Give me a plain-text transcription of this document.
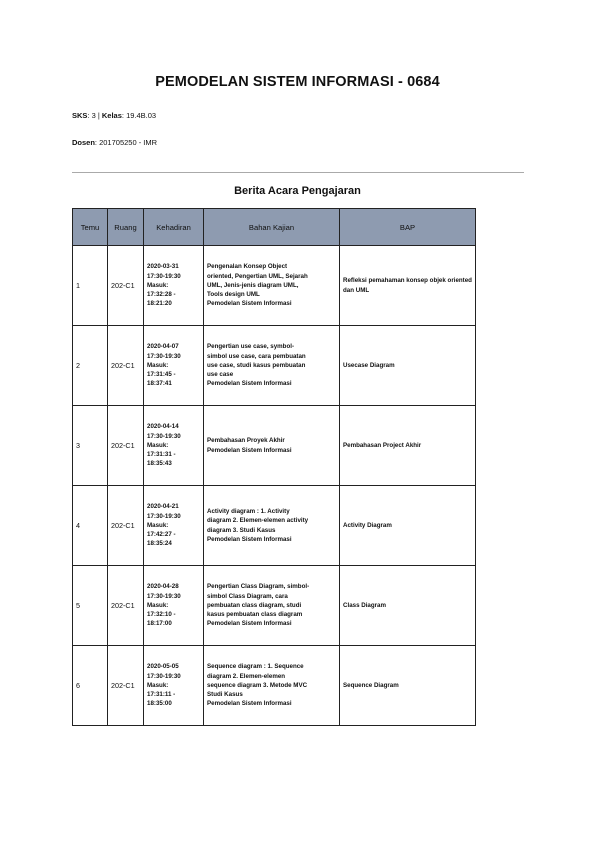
PEMODELAN SISTEM INFORMASI - 0684
SKS: 3 | Kelas: 19.4B.03
Dosen: 201705250 - IMR
Berita Acara Pengajaran
Temu	Ruang	Kehadiran	Bahan Kajian	BAP
1	202-C1	2020-03-31
17:30-19:30
Masuk:
17:32:28 -
18:21:20	Pengenalan Konsep Object
oriented, Pengertian UML, Sejarah
UML, Jenis-jenis diagram UML,
Tools design UML
Pemodelan Sistem Informasi	Refleksi pemahaman konsep objek oriented dan UML
2	202-C1	2020-04-07
17:30-19:30
Masuk:
17:31:45 -
18:37:41	Pengertian use case, symbol-
simbol use case, cara pembuatan
use case, studi kasus pembuatan
use case
Pemodelan Sistem Informasi	Usecase Diagram
3	202-C1	2020-04-14
17:30-19:30
Masuk:
17:31:31 -
18:35:43	Pembahasan Proyek Akhir
Pemodelan Sistem Informasi	Pembahasan Project Akhir
4	202-C1	2020-04-21
17:30-19:30
Masuk:
17:42:27 -
18:35:24	Activity diagram : 1. Activity
diagram 2. Elemen-elemen activity
diagram 3. Studi Kasus
Pemodelan Sistem Informasi	Activity Diagram
5	202-C1	2020-04-28
17:30-19:30
Masuk:
17:32:10 -
18:17:00	Pengertian Class Diagram, simbol-
simbol Class Diagram, cara
pembuatan class diagram, studi
kasus pembuatan class diagram
Pemodelan Sistem Informasi	Class Diagram
6	202-C1	2020-05-05
17:30-19:30
Masuk:
17:31:11 -
18:35:00	Sequence diagram : 1. Sequence
diagram 2. Elemen-elemen
sequence diagram 3. Metode MVC
Studi Kasus
Pemodelan Sistem Informasi	Sequence Diagram
